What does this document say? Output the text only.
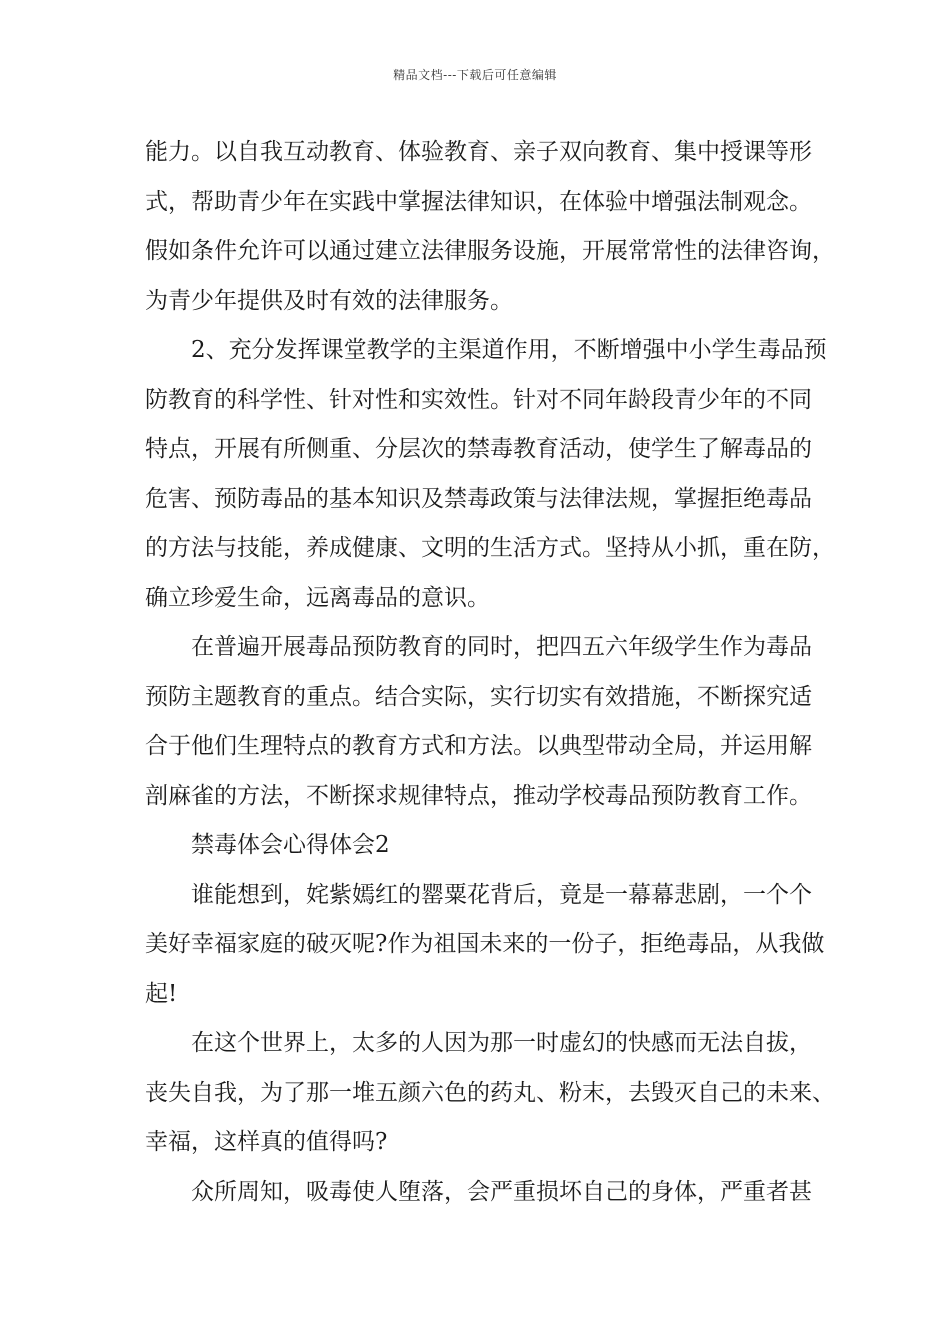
精品文档---下载后可任意编辑
能力。以自我互动教育、体验教育、亲子双向教育、集中授课等形
式，帮助青少年在实践中掌握法律知识，在体验中增强法制观念。
假如条件允许可以通过建立法律服务设施，开展常常性的法律咨询，
为青少年提供及时有效的法律服务。
2、充分发挥课堂教学的主渠道作用，不断增强中小学生毒品预
防教育的科学性、针对性和实效性。针对不同年龄段青少年的不同
特点，开展有所侧重、分层次的禁毒教育活动，使学生了解毒品的
危害、预防毒品的基本知识及禁毒政策与法律法规，掌握拒绝毒品
的方法与技能，养成健康、文明的生活方式。坚持从小抓，重在防，
确立珍爱生命，远离毒品的意识。
在普遍开展毒品预防教育的同时，把四五六年级学生作为毒品
预防主题教育的重点。结合实际，实行切实有效措施，不断探究适
合于他们生理特点的教育方式和方法。以典型带动全局，并运用解
剖麻雀的方法，不断探求规律特点，推动学校毒品预防教育工作。
禁毒体会心得体会2
谁能想到，姹紫嫣红的罂粟花背后，竟是一幕幕悲剧，一个个
美好幸福家庭的破灭呢?作为祖国未来的一份子，拒绝毒品，从我做
起!
在这个世界上，太多的人因为那一时虚幻的快感而无法自拔，
丧失自我，为了那一堆五颜六色的药丸、粉末，去毁灭自己的未来、
幸福，这样真的值得吗?
众所周知，吸毒使人堕落，会严重损坏自己的身体，严重者甚
